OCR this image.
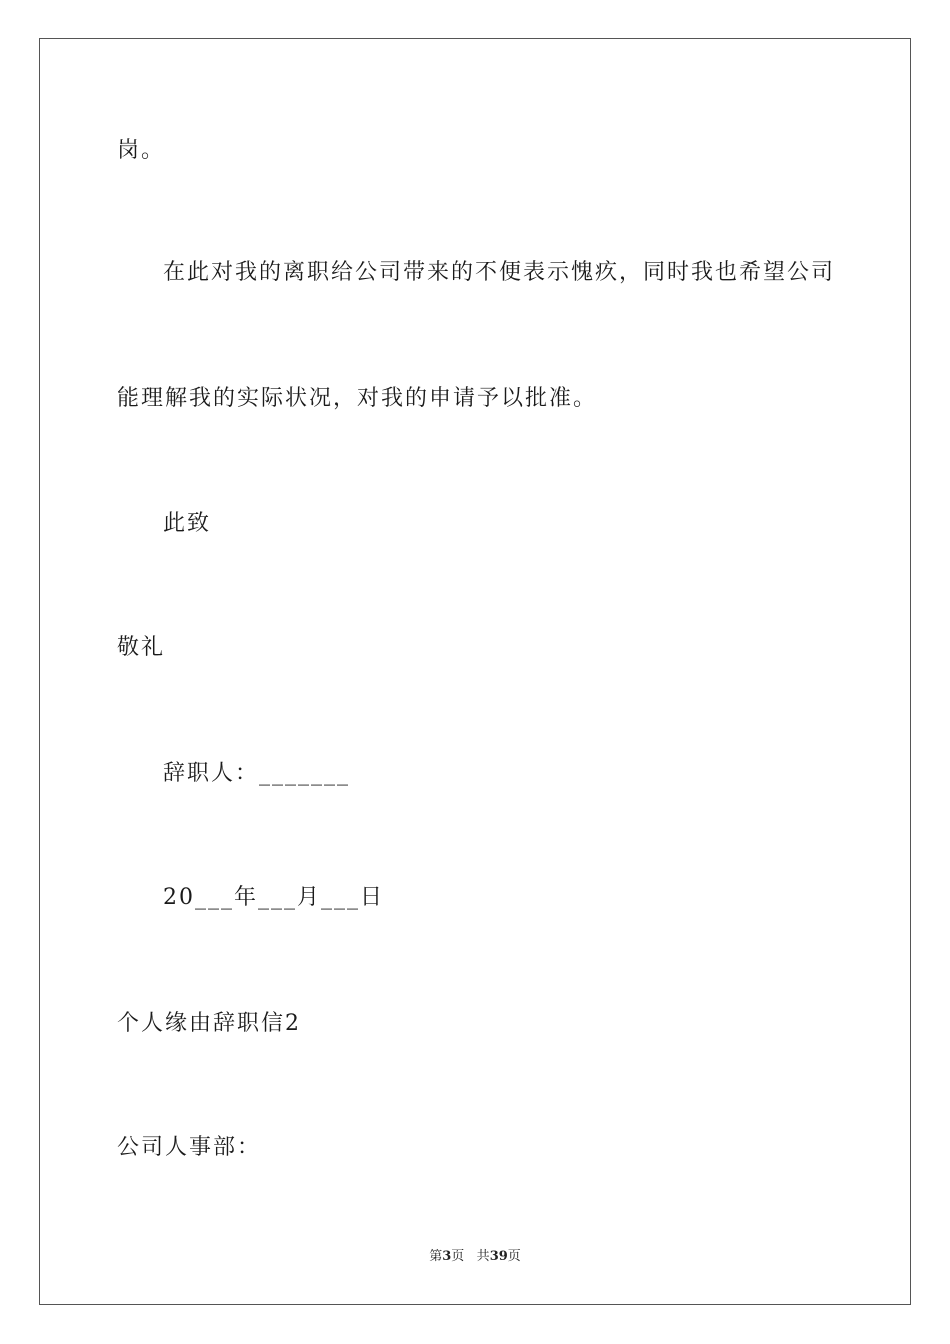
岗。
在此对我的离职给公司带来的不便表示愧疚，同时我也希望公司
能理解我的实际状况，对我的申请予以批准。
此致
敬礼
辞职人：_______
20___年___月___日
个人缘由辞职信2
公司人事部：
第3页 共39页
